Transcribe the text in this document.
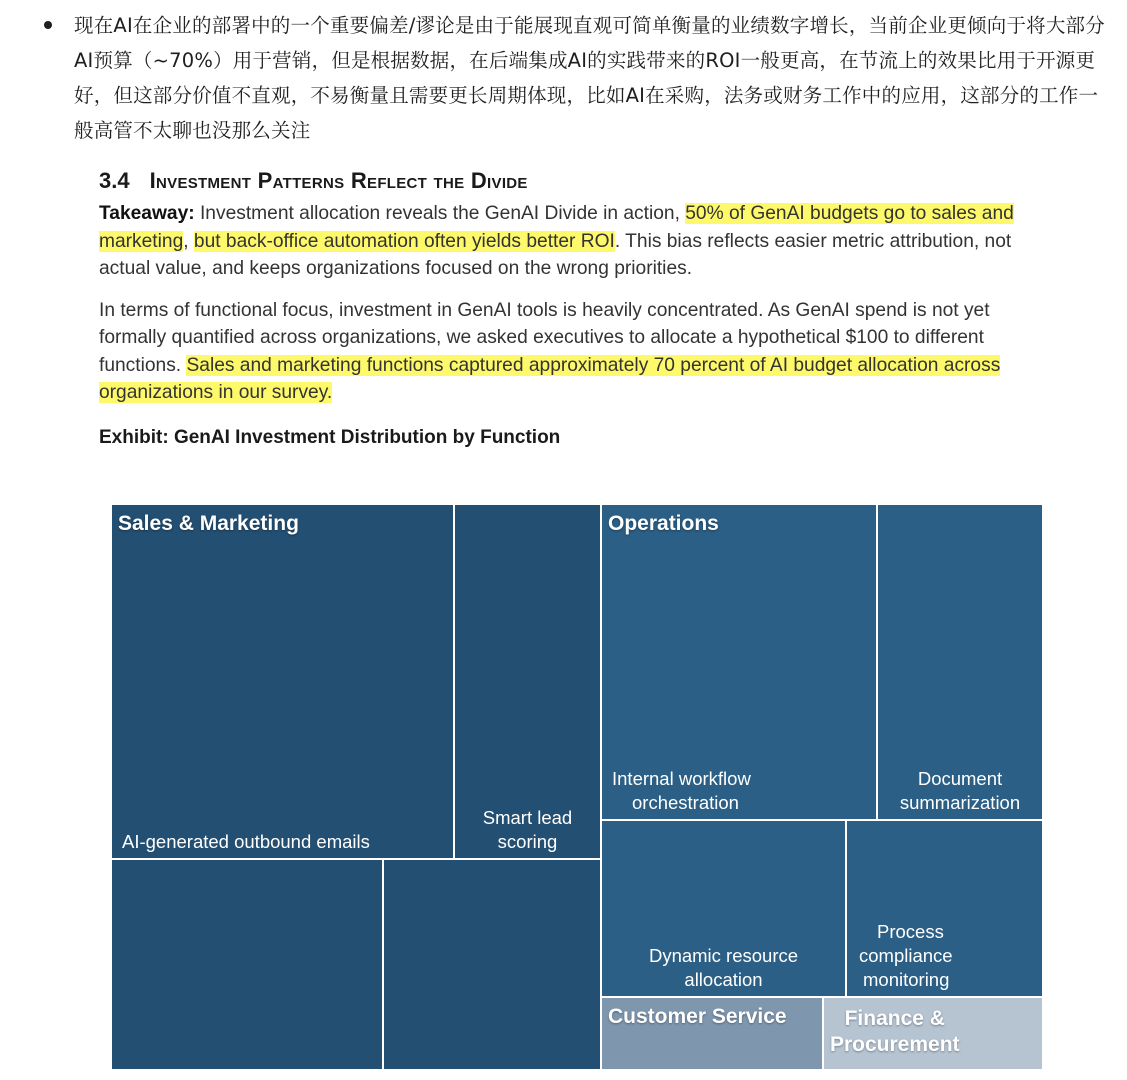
现在AI在企业的部署中的一个重要偏差/谬论是由于能展现直观可简单衡量的业绩数字增长，当前企业更倾向于将大部分AI预算（~70%）用于营销，但是根据数据，在后端集成AI的实践带来的ROI一般更高，在节流上的效果比用于开源更好，但这部分价值不直观，不易衡量且需要更长周期体现，比如AI在采购，法务或财务工作中的应用，这部分的工作一般高管不太聊也没那么关注
3.4 Investment Patterns Reflect the Divide

Takeaway: Investment allocation reveals the GenAI Divide in action, 50% of GenAI budgets go to sales and marketing, but back-office automation often yields better ROI. This bias reflects easier metric attribution, not actual value, and keeps organizations focused on the wrong priorities.

In terms of functional focus, investment in GenAI tools is heavily concentrated. As GenAI spend is not yet formally quantified across organizations, we asked executives to allocate a hypothetical $100 to different functions. Sales and marketing functions captured approximately 70 percent of AI budget allocation across organizations in our survey.

Exhibit: GenAI Investment Distribution by Function
Sales & Marketing
AI-generated outbound emails
Smart lead
scoring
Operations
Internal workflow
orchestration
Document
summarization
Dynamic resource
allocation
Process
compliance
monitoring
Customer Service	Finance &
Procurement
